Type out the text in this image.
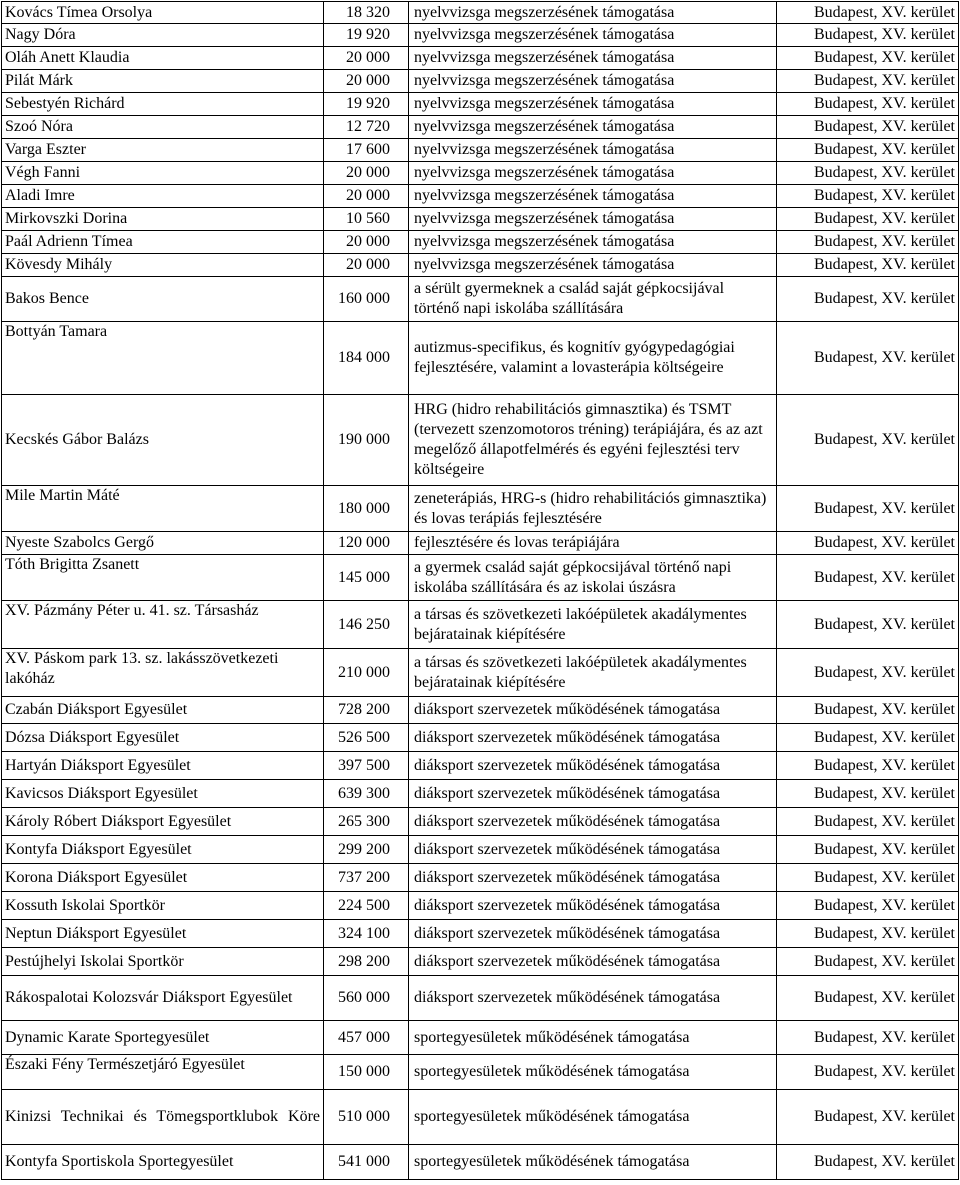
Kovács Tímea Orsolya	18 320	nyelvvizsga megszerzésének támogatása	Budapest, XV. kerület
Nagy Dóra	19 920	nyelvvizsga megszerzésének támogatása	Budapest, XV. kerület
Oláh Anett Klaudia	20 000	nyelvvizsga megszerzésének támogatása	Budapest, XV. kerület
Pilát Márk	20 000	nyelvvizsga megszerzésének támogatása	Budapest, XV. kerület
Sebestyén Richárd	19 920	nyelvvizsga megszerzésének támogatása	Budapest, XV. kerület
Szoó Nóra	12 720	nyelvvizsga megszerzésének támogatása	Budapest, XV. kerület
Varga Eszter	17 600	nyelvvizsga megszerzésének támogatása	Budapest, XV. kerület
Végh Fanni	20 000	nyelvvizsga megszerzésének támogatása	Budapest, XV. kerület
Aladi Imre	20 000	nyelvvizsga megszerzésének támogatása	Budapest, XV. kerület
Mirkovszki Dorina	10 560	nyelvvizsga megszerzésének támogatása	Budapest, XV. kerület
Paál Adrienn Tímea	20 000	nyelvvizsga megszerzésének támogatása	Budapest, XV. kerület
Kövesdy Mihály	20 000	nyelvvizsga megszerzésének támogatása	Budapest, XV. kerület
Bakos Bence	160 000	a sérült gyermeknek a család saját gépkocsijával történő napi iskolába szállítására	Budapest, XV. kerület
Bottyán Tamara	184 000	autizmus-specifikus, és kognitív gyógypedagógiai fejlesztésére, valamint a lovasterápia költségeire	Budapest, XV. kerület
Kecskés Gábor Balázs	190 000	HRG (hidro rehabilitációs gimnasztika) és TSMT (tervezett szenzomotoros tréning) terápiájára, és az azt megelőző állapotfelmérés és egyéni fejlesztési terv költségeire	Budapest, XV. kerület
Mile Martin Máté	180 000	zeneterápiás, HRG-s (hidro rehabilitációs gimnasztika) és lovas terápiás fejlesztésére	Budapest, XV. kerület
Nyeste Szabolcs Gergő	120 000	fejlesztésére és lovas terápiájára	Budapest, XV. kerület
Tóth Brigitta Zsanett	145 000	a gyermek család saját gépkocsijával történő napi iskolába szállítására és az iskolai úszásra	Budapest, XV. kerület
XV. Pázmány Péter u. 41. sz. Társasház	146 250	a társas és szövetkezeti lakóépületek akadálymentes bejáratainak kiépítésére	Budapest, XV. kerület
XV. Páskom park 13. sz. lakásszövetkezeti lakóház	210 000	a társas és szövetkezeti lakóépületek akadálymentes bejáratainak kiépítésére	Budapest, XV. kerület
Czabán Diáksport Egyesület	728 200	diáksport szervezetek működésének támogatása	Budapest, XV. kerület
Dózsa Diáksport Egyesület	526 500	diáksport szervezetek működésének támogatása	Budapest, XV. kerület
Hartyán Diáksport Egyesület	397 500	diáksport szervezetek működésének támogatása	Budapest, XV. kerület
Kavicsos Diáksport Egyesület	639 300	diáksport szervezetek működésének támogatása	Budapest, XV. kerület
Károly Róbert Diáksport Egyesület	265 300	diáksport szervezetek működésének támogatása	Budapest, XV. kerület
Kontyfa Diáksport Egyesület	299 200	diáksport szervezetek működésének támogatása	Budapest, XV. kerület
Korona Diáksport Egyesület	737 200	diáksport szervezetek működésének támogatása	Budapest, XV. kerület
Kossuth Iskolai Sportkör	224 500	diáksport szervezetek működésének támogatása	Budapest, XV. kerület
Neptun Diáksport Egyesület	324 100	diáksport szervezetek működésének támogatása	Budapest, XV. kerület
Pestújhelyi Iskolai Sportkör	298 200	diáksport szervezetek működésének támogatása	Budapest, XV. kerület
Rákospalotai Kolozsvár Diáksport Egyesület	560 000	diáksport szervezetek működésének támogatása	Budapest, XV. kerület
Dynamic Karate Sportegyesület	457 000	sportegyesületek működésének támogatása	Budapest, XV. kerület
Északi Fény Természetjáró Egyesület	150 000	sportegyesületek működésének támogatása	Budapest, XV. kerület
Kinizsi Technikai és Tömegsportklubok Köre	510 000	sportegyesületek működésének támogatása	Budapest, XV. kerület
Kontyfa Sportiskola Sportegyesület	541 000	sportegyesületek működésének támogatása	Budapest, XV. kerület
